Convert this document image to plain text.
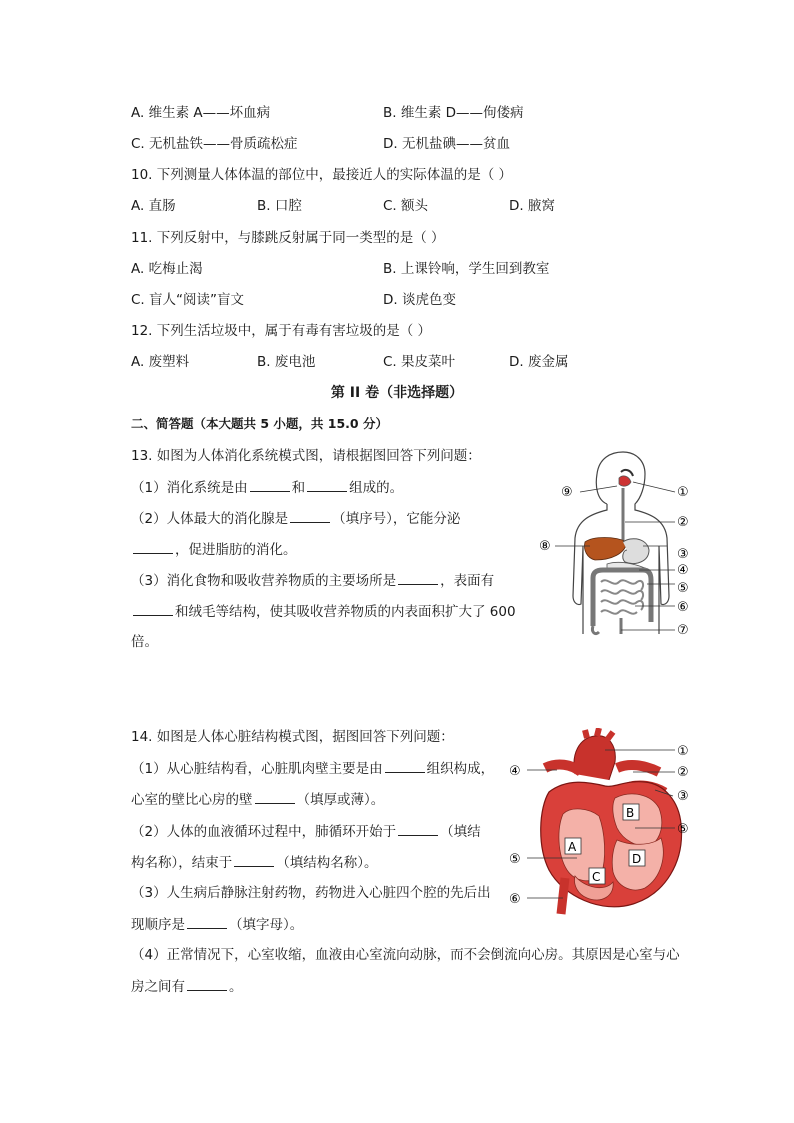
A. 维生素 A——坏血病	B. 维生素 D——佝偻病
C. 无机盐铁——骨质疏松症	D. 无机盐碘——贫血
10. 下列测量人体体温的部位中，最接近人的实际体温的是（ ）
A. 直肠	B. 口腔	C. 额头	D. 腋窝
11. 下列反射中，与膝跳反射属于同一类型的是（ ）
A. 吃梅止渴	B. 上课铃响，学生回到教室
C. 盲人“阅读”盲文	D. 谈虎色变
12. 下列生活垃圾中，属于有毒有害垃圾的是（ ）
A. 废塑料	B. 废电池	C. 果皮菜叶	D. 废金属
第 II 卷（非选择题）
二、简答题（本大题共 5 小题，共 15.0 分）
13. 如图为人体消化系统模式图，请根据图回答下列问题：
（1）消化系统是由	和	组成的。
（2）人体最大的消化腺是	（填序号），它能分泌
，促进脂肪的消化。
（3）消化食物和吸收营养物质的主要场所是	，表面有
和绒毛等结构，使其吸收营养物质的内表面积扩大了 600
倍。
⑨	①
②
⑧
③
④
⑤
⑥
⑦
14. 如图是人体心脏结构模式图，据图回答下列问题：
（1）从心脏结构看，心脏肌肉壁主要是由	组织构成，
心室的壁比心房的壁	（填厚或薄）。
（2）人体的血液循环过程中，肺循环开始于	（填结
构名称），结束于	（填结构名称）。
（3）人生病后静脉注射药物，药物进入心脏四个腔的先后出
现顺序是	（填字母）。
（4）正常情况下，心室收缩，血液由心室流向动脉，而不会倒流向心房。其原因是心室与心
房之间有	。
A
B
C
D
①
④	②
③
⑤
⑤
⑥
